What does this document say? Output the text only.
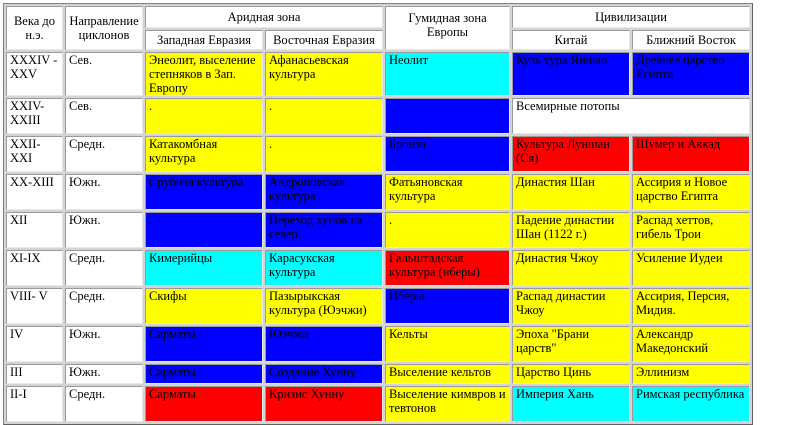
Века до н.э.	Направление циклонов	Аридная зона		Гумидная зона Европы	Цивилизации	
		Западная Евразия	Восточная Евразия		Китай	Ближний Восток
XXXIV - XXV	Сев.	Энеолит, выселение степняков в Зап. Европу	Афанасьевская культура	Неолит	Куль тура Яншао	Древнее царство Египта
XXIV-XXIII	Сев.	.	.		Всемирные потопы	
XXII-XXI	Средн.	Катакомбная культура	.	Бронза	Культура Луншан (Ся)	Шумер и Аккад
XX-XIII	Южн.	Срубная культура	Андроновская культура	Фатьяновская культура	Династия Шан	Ассирия и Новое царство Египта
XII	Южн.	.	Переход хунов на север	.	Падение династии Шан (1122 г.)	Распад хеттов, гибель Трои
XI-IX	Средн.	Кимерийцы	Карасукская культура	Гальштадская культура (иберы)	Династия Чжоу	Усиление Иудеи
VIII- V	Средн.	Скифы	Пазырыкская культура (Юэчжи)	Иберы	Распад династии Чжоу	Ассирия, Персия, Мидия.
IV	Южн.	Сарматы	Юэчжи	Кельты	Эпоха "Брани царств"	Александр Македонский
III	Южн.	Сарматы	Создание Хунну	Выселение кельтов	Царство Цинь	Эллинизм
II-I	Средн.	Сарматы	Кризис Хунну	Выселение кимвров и тевтонов	Империя Хань	Римская республика
